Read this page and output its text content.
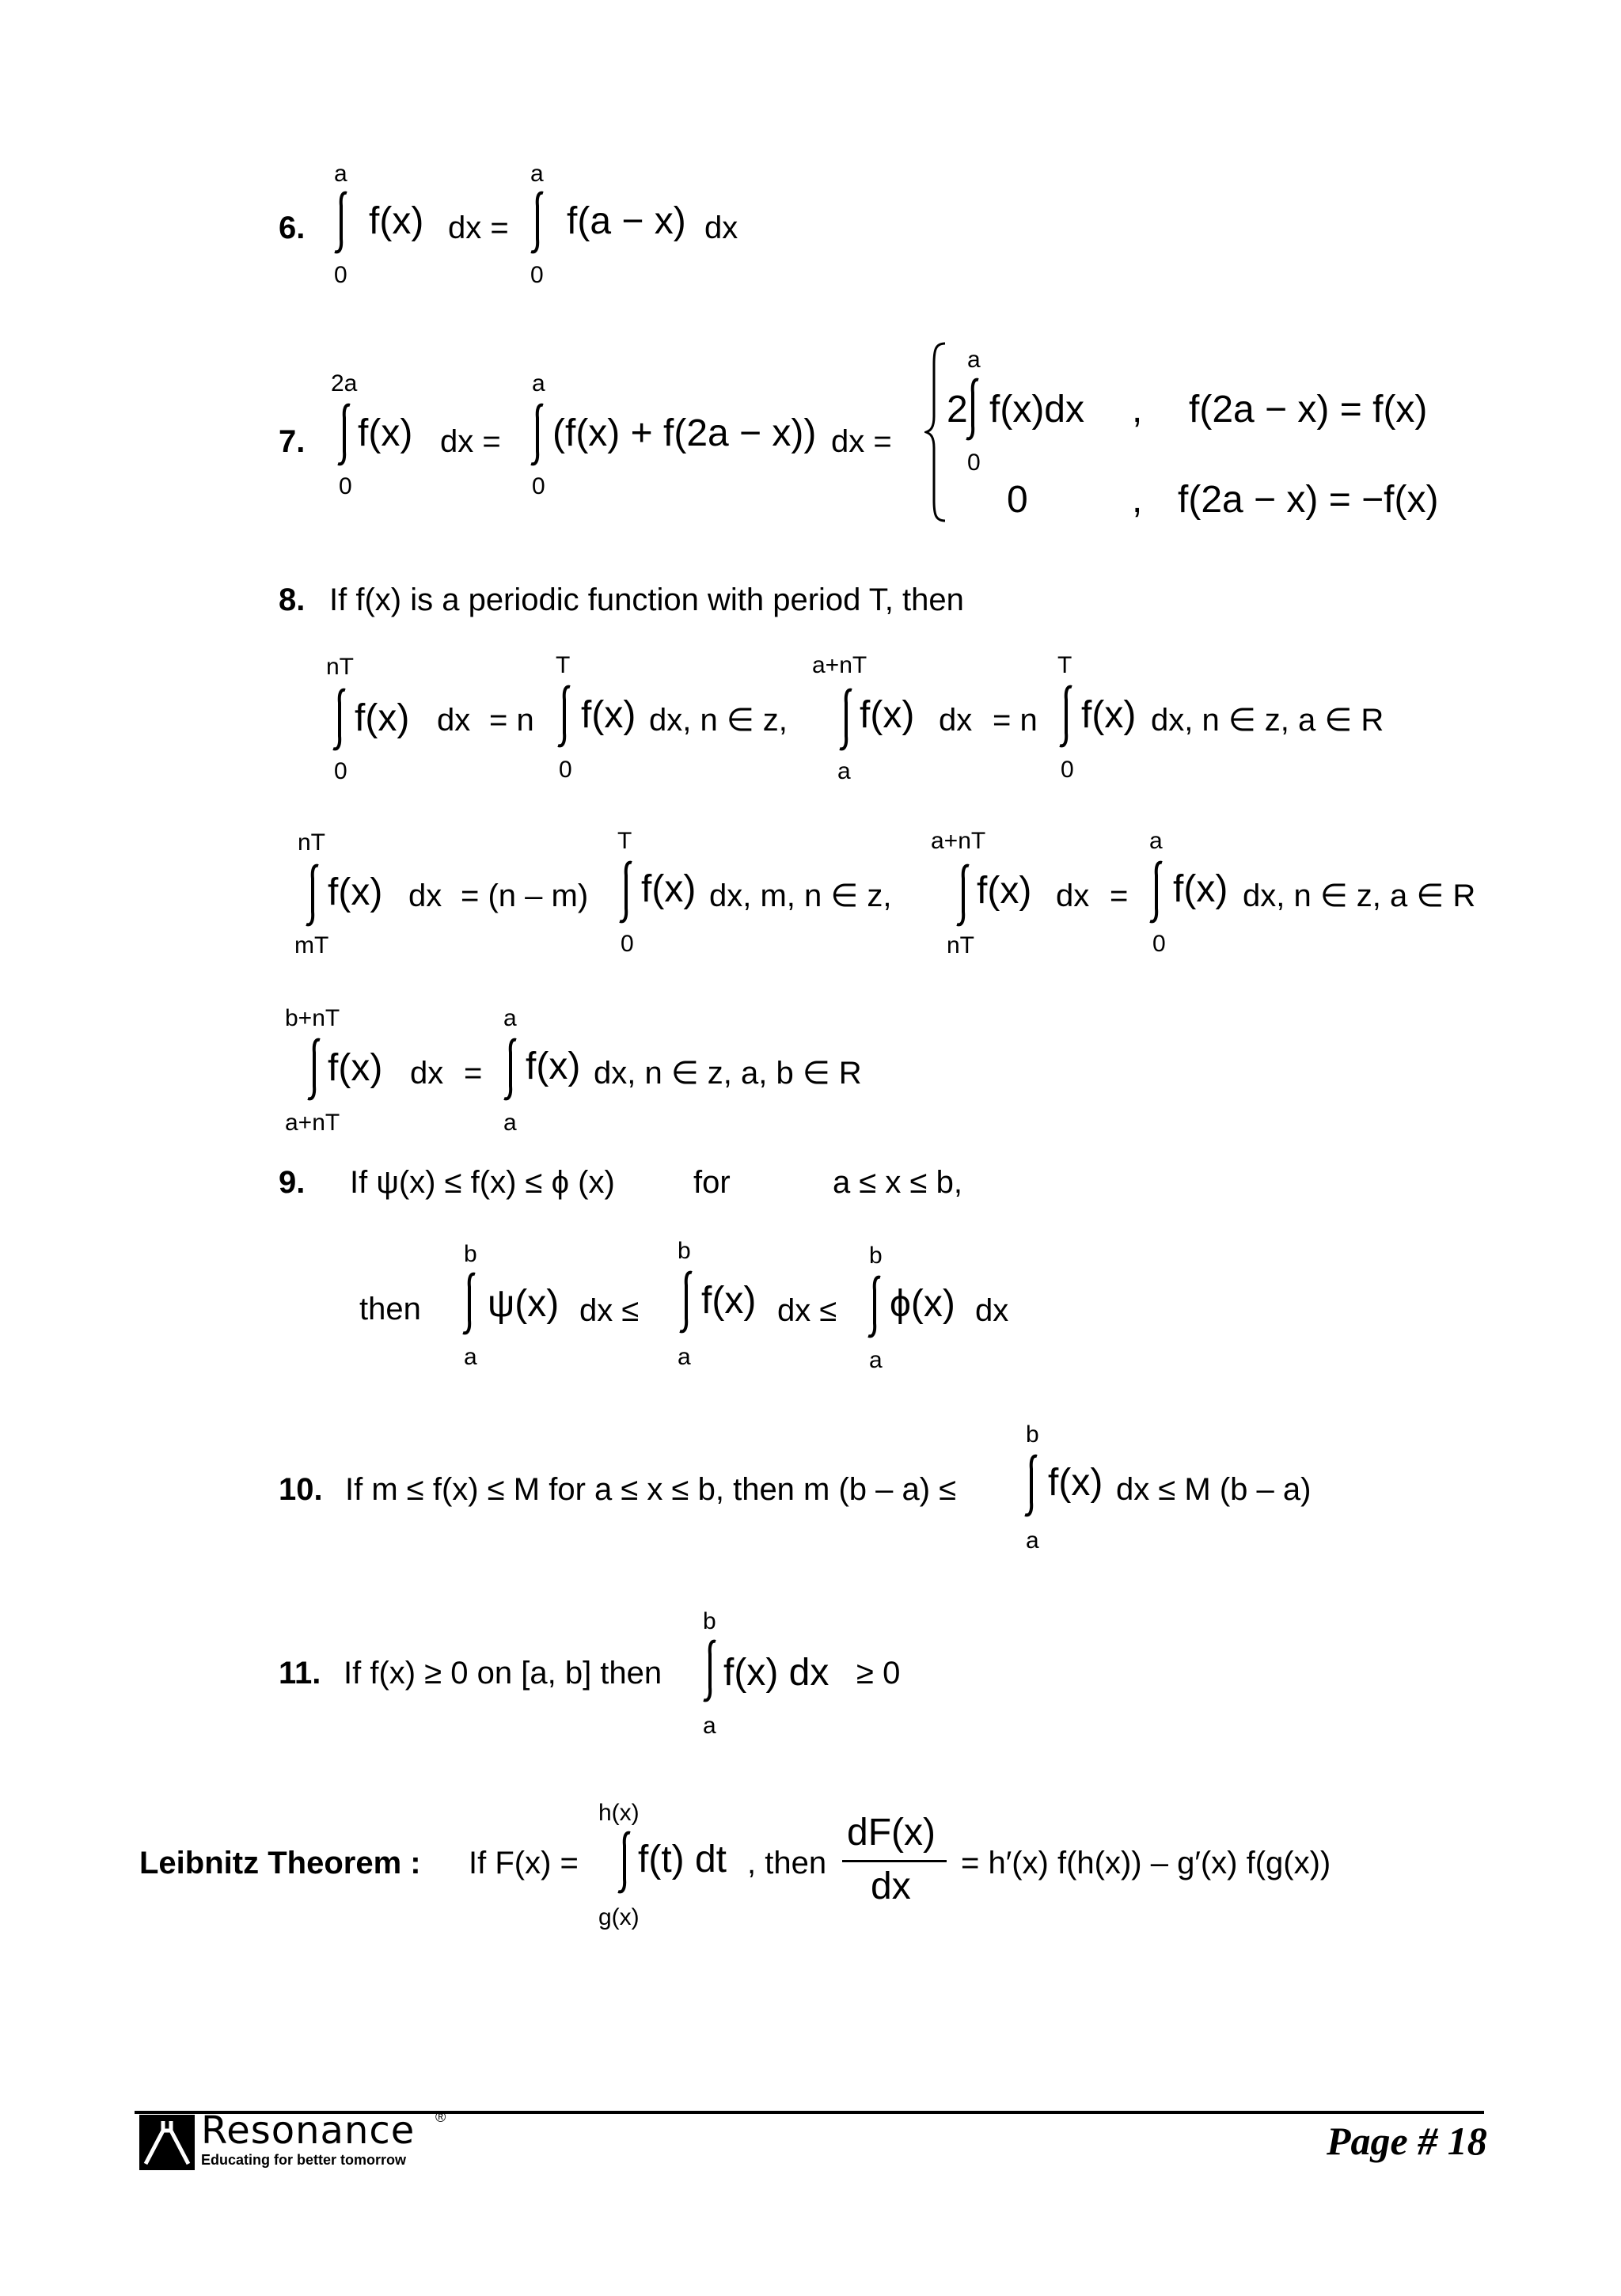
6.
a
0
f(x) dx =
a
0
f(a − x) dx
7.
2a
0
f(x) dx =
a
0
(f(x) + f(2a − x)) dx =
2
a
0
f(x)dx , f(2a − x) = f(x)
0	, f(2a − x) = −f(x)
8. If f(x) is a periodic function with period T, then
nT
0
f(x) dx = n
T
0
f(x) dx, n ∈ z,
a+nT
a
f(x) dx = n
T
0
f(x) dx, n ∈ z, a ∈ R
nT
mT
f(x) dx = (n – m)
T
0
f(x) dx, m, n ∈ z,
a+nT
nT
f(x) dx =
a
0
f(x) dx, n ∈ z, a ∈ R
b+nT
a+nT
f(x) dx =
a
a
f(x) dx, n ∈ z, a, b ∈ R
9. If ψ(x) ≤ f(x) ≤ ϕ (x) for	a ≤ x ≤ b,
then
b
a
ψ(x) dx ≤
b
a
f(x) dx ≤
b
a
ϕ(x) dx
10. If m ≤ f(x) ≤ M for a ≤ x ≤ b, then m (b – a) ≤
b
a
f(x) dx ≤ M (b – a)
11. If f(x) ≥ 0 on [a, b] then
b
a
f(x) dx ≥ 0
Leibnitz Theorem : If F(x) =
h(x)
g(x)
f(t) dt , then
dF(x)
dx
= h′(x) f(h(x)) – g′(x) f(g(x))
Resonance ®
Educating for better tomorrow	Page # 18
